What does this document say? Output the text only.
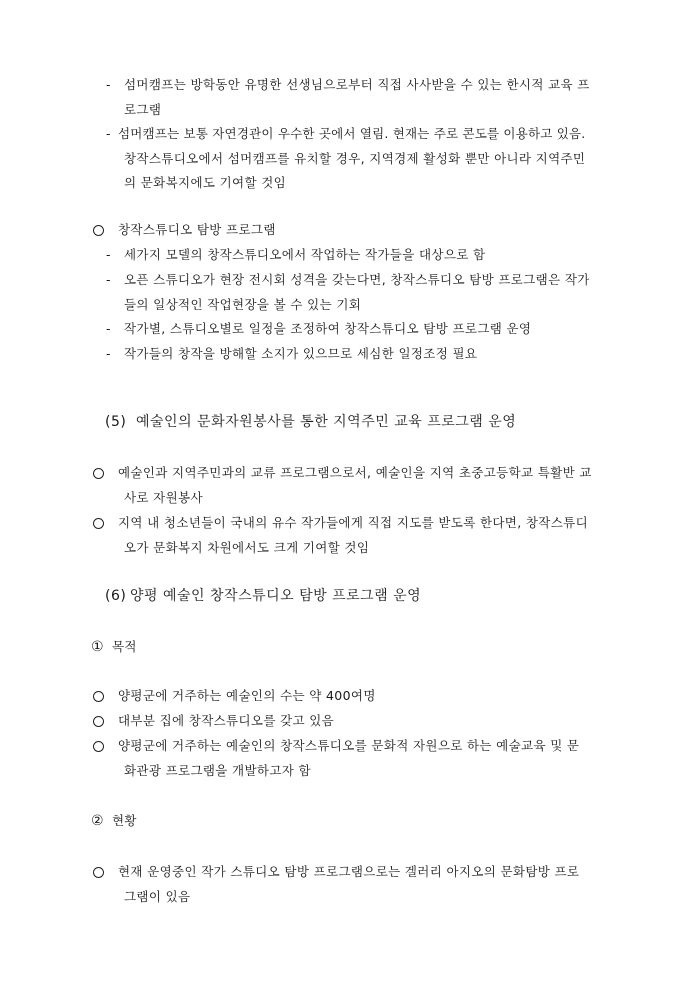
- 섬머캠프는 방학동안 유명한 선생님으로부터 직접 사사받을 수 있는 한시적 교육 프
로그램
- 섬머캠프는 보통 자연경관이 우수한 곳에서 열림. 현재는 주로 콘도를 이용하고 있음.
창작스튜디오에서 섬머캠프를 유치할 경우, 지역경제 활성화 뿐만 아니라 지역주민
의 문화복지에도 기여할 것임
창작스튜디오 탐방 프로그램
- 세가지 모델의 창작스튜디오에서 작업하는 작가들을 대상으로 함
- 오픈 스튜디오가 현장 전시회 성격을 갖는다면, 창작스튜디오 탐방 프로그램은 작가
들의 일상적인 작업현장을 볼 수 있는 기회
- 작가별, 스튜디오별로 일정을 조정하여 창작스튜디오 탐방 프로그램 운영
- 작가들의 창작을 방해할 소지가 있으므로 세심한 일정조정 필요
(5) 예술인의 문화자원봉사를 통한 지역주민 교육 프로그램 운영
예술인과 지역주민과의 교류 프로그램으로서, 예술인을 지역 초중고등학교 특활반 교
사로 자원봉사
지역 내 청소년들이 국내의 유수 작가들에게 직접 지도를 받도록 한다면, 창작스튜디
오가 문화복지 차원에서도 크게 기여할 것임
(6) 양평 예술인 창작스튜디오 탐방 프로그램 운영
① 목적
양평군에 거주하는 예술인의 수는 약 400여명
대부분 집에 창작스튜디오를 갖고 있음
양평군에 거주하는 예술인의 창작스튜디오를 문화적 자원으로 하는 예술교육 및 문
화관광 프로그램을 개발하고자 함
② 현황
현재 운영중인 작가 스튜디오 탐방 프로그램으로는 겔러리 아지오의 문화탐방 프로
그램이 있음
